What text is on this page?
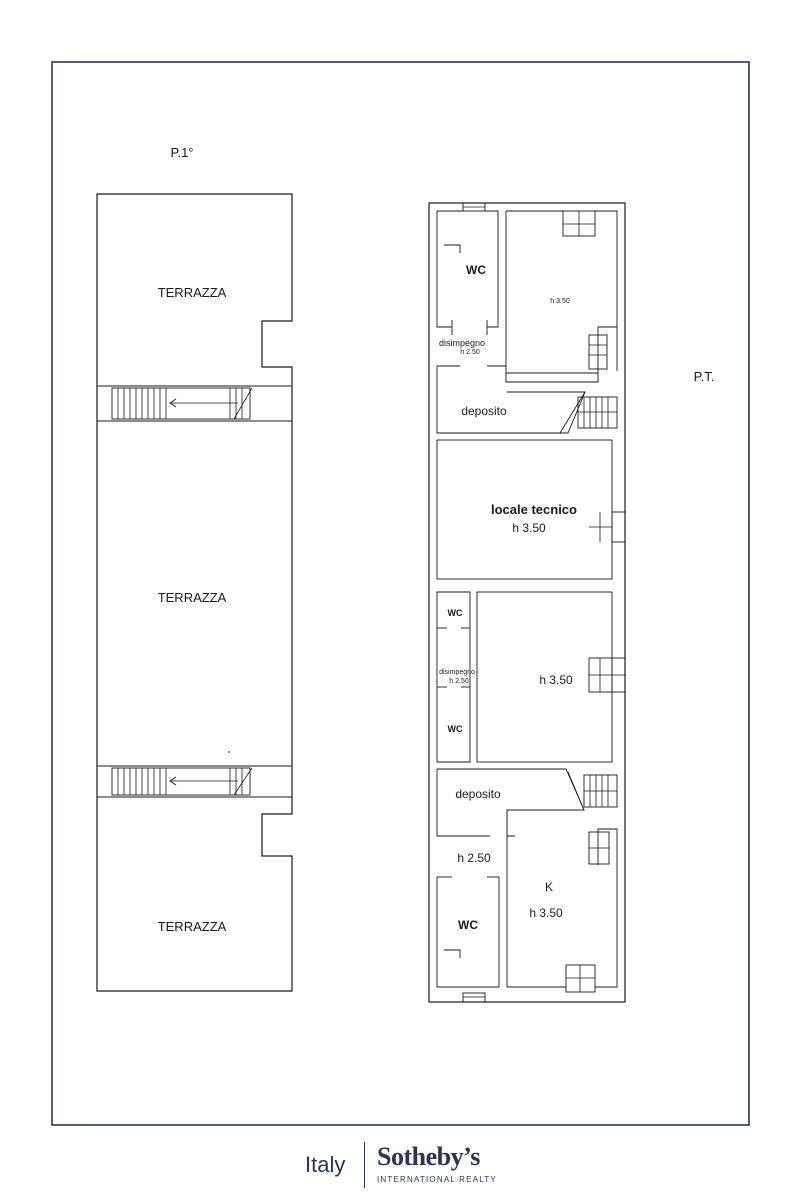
P.1°
TERRAZZA
TERRAZZA
TERRAZZA
P.T.
WC
h 3.50
disimpegno
h 2.50
deposito
locale tecnico
h 3.50
WC
disimpegno
h 2.50	h 3.50
WC
deposito
h 2.50
K
h 3.50
WC
Italy Sotheby’s
INTERNATIONAL REALTY
